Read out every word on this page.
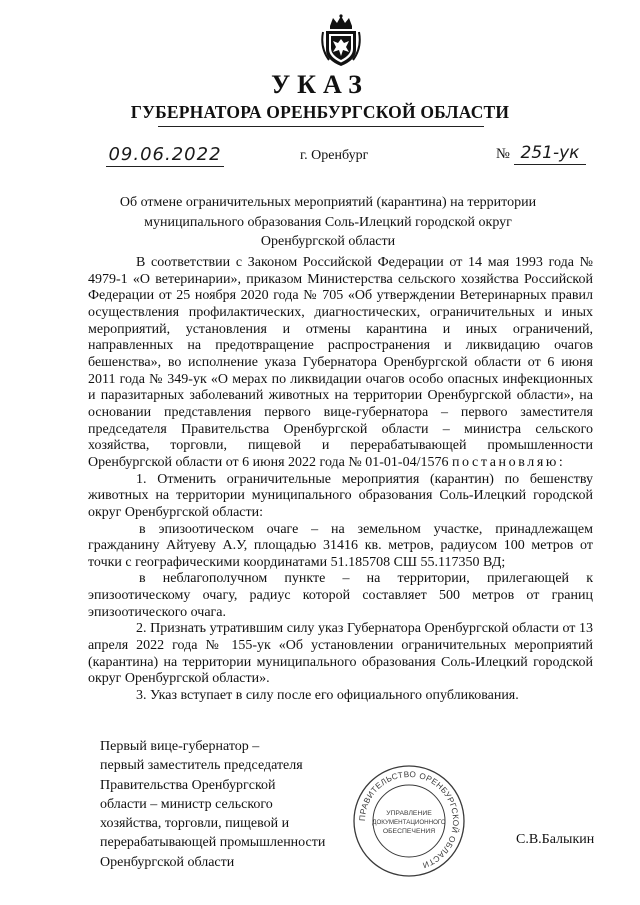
УКАЗ
ГУБЕРНАТОРА ОРЕНБУРГСКОЙ ОБЛАСТИ
09.06.2022	г. Оренбург	№ 251-ук
Об отмене ограничительных мероприятий (карантина) на территории
муниципального образования Соль-Илецкий городской округ
Оренбургской области

В соответствии с Законом Российской Федерации от 14 мая 1993 года № 4979-1 «О ветеринарии», приказом Министерства сельского хозяйства Российской Федерации от 25 ноября 2020 года № 705 «Об утверждении Ветеринарных правил осуществления профилактических, диагностических, ограничительных и иных мероприятий, установления и отмены карантина и иных ограничений, направленных на предотвращение распространения и ликвидацию очагов бешенства», во исполнение указа Губернатора Оренбургской области от 6 июня 2011 года № 349-ук «О мерах по ликвидации очагов особо опасных инфекционных и паразитарных заболеваний животных на территории Оренбургской области», на основании представления первого вице-губернатора – первого заместителя председателя Правительства Оренбургской области – министра сельского хозяйства, торговли, пищевой и перерабатывающей промышленности Оренбургской области от 6 июня 2022 года № 01-01-04/1576 постановляю:

1. Отменить ограничительные мероприятия (карантин) по бешенству животных на территории муниципального образования Соль-Илецкий городской округ Оренбургской области:

в эпизоотическом очаге – на земельном участке, принадлежащем гражданину Айтуеву А.У, площадью 31416 кв. метров, радиусом 100 метров от точки с географическими координатами 51.185708 СШ 55.117350 ВД;

в неблагополучном пункте – на территории, прилегающей к эпизоотическому очагу, радиус которой составляет 500 метров от границ эпизоотического очага.

2. Признать утратившим силу указ Губернатора Оренбургской области от 13 апреля 2022 года № 155-ук «Об установлении ограничительных мероприятий (карантина) на территории муниципального образования Соль-Илецкий городской округ Оренбургской области».

3. Указ вступает в силу после его официального опубликования.

Первый вице-губернатор –
первый заместитель председателя
Правительства Оренбургской
области – министр сельского
хозяйства, торговли, пищевой и
перерабатывающей промышленности
Оренбургской области
ПРАВИТЕЛЬСТВО ОРЕНБУРГСКОЙ ОБЛАСТИ
УПРАВЛЕНИЕ
ДОКУМЕНТАЦИОННОГО
ОБЕСПЕЧЕНИЯ
С.В.Балыкин
